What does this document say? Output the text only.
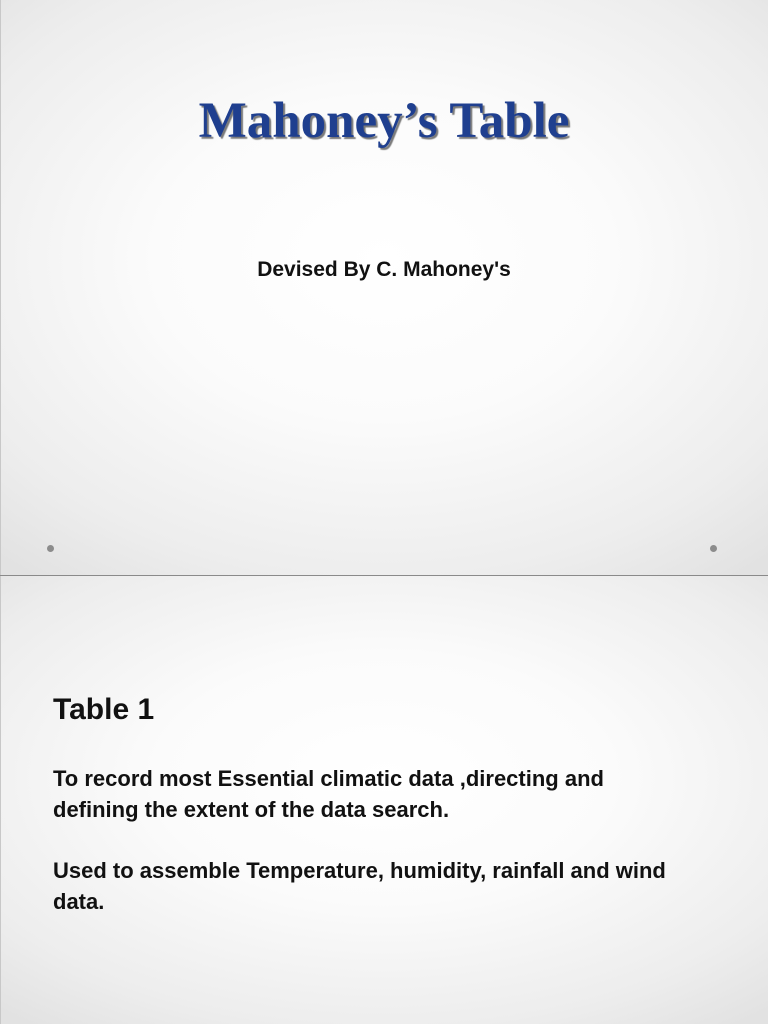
Mahoney’s Table

Devised By C. Mahoney's

Table 1

To record most Essential climatic data ,directing and defining the extent of the data search.

Used to assemble Temperature, humidity, rainfall and wind data.
